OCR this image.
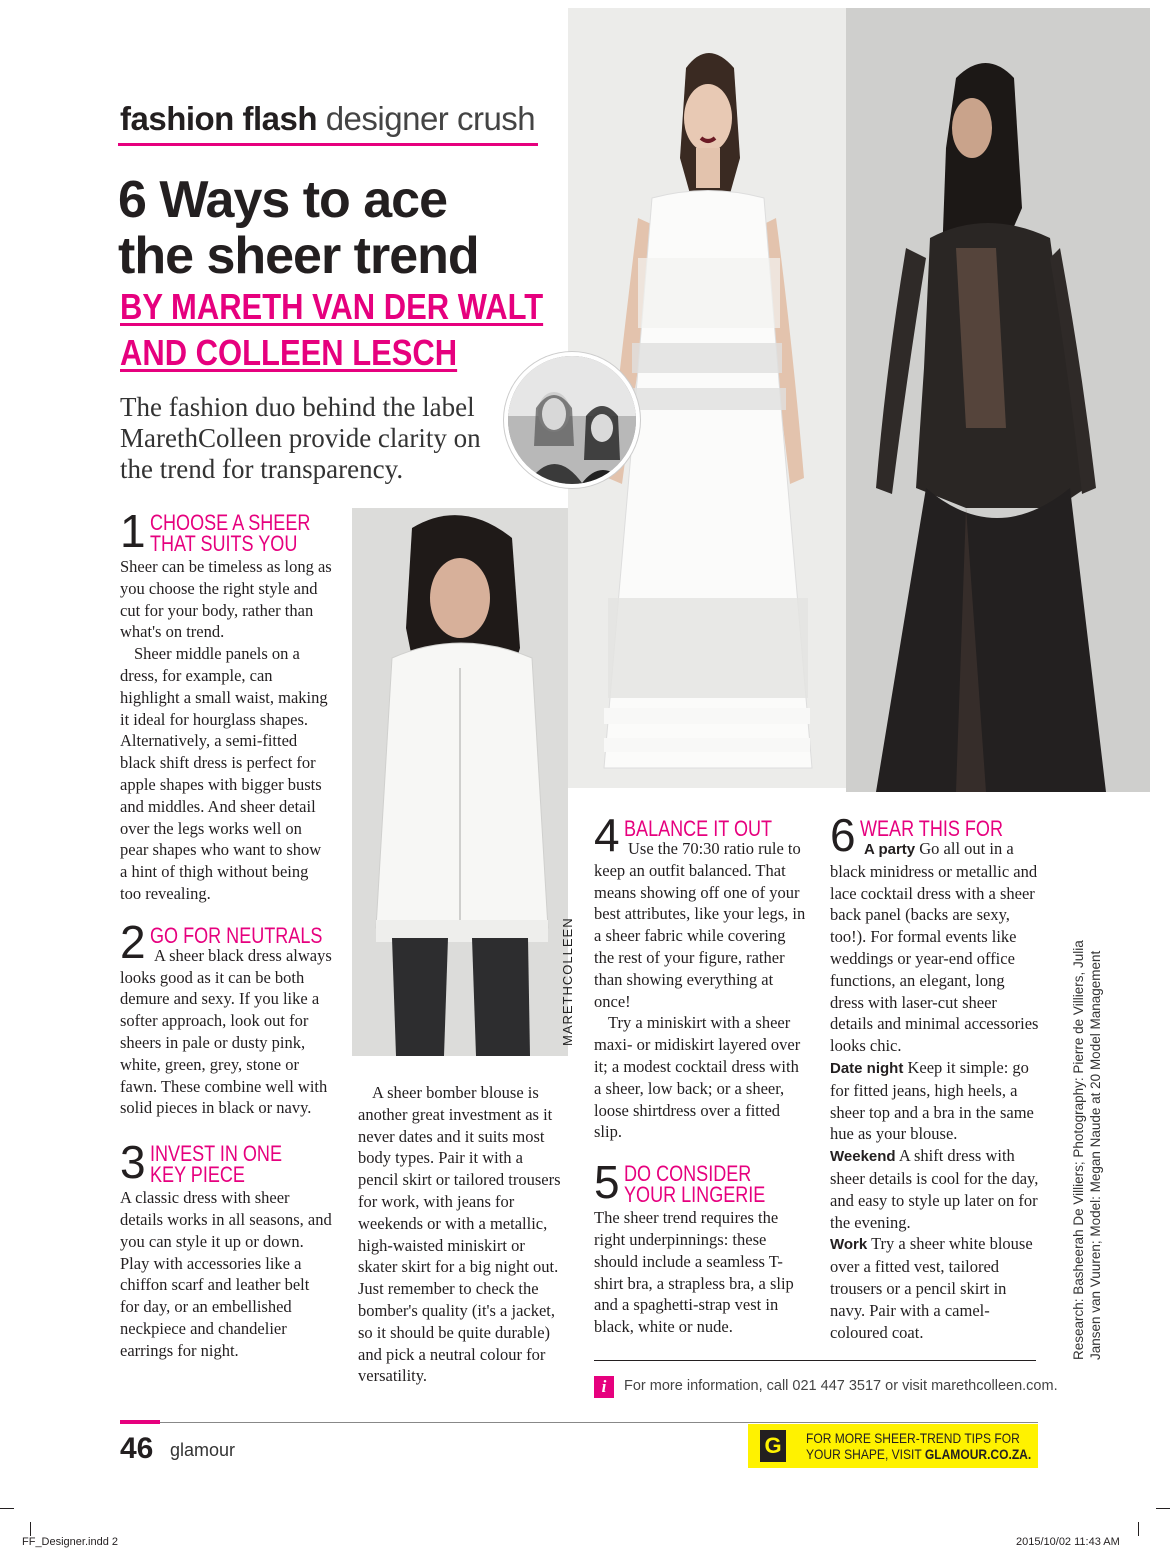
MARETHCOLLEEN
fashion flash designer crush
6 Ways to ace
the sheer trend
BY MARETH VAN DER WALT
AND COLLEEN LESCH
The fashion duo behind the label MarethColleen provide clarity on the trend for transparency.
1 CHOOSE A SHEER
THAT SUITS YOU

Sheer can be timeless as long as you choose the right style and cut for your body, rather than what's on trend.

Sheer middle panels on a dress, for example, can highlight a small waist, making it ideal for hourglass shapes. Alternatively, a semi-fitted black shift dress is perfect for apple shapes with bigger busts and middles. And sheer detail over the legs works well on pear shapes who want to show a hint of thigh without being too revealing.

2 GO FOR NEUTRALS

A sheer black dress always looks good as it can be both demure and sexy. If you like a softer approach, look out for sheers in pale or dusty pink, white, green, grey, stone or fawn. These combine well with solid pieces in black or navy.

3 INVEST IN ONE
KEY PIECE

A classic dress with sheer details works in all seasons, and you can style it up or down. Play with accessories like a chiffon scarf and leather belt for day, or an embellished neckpiece and chandelier earrings for night.

A sheer bomber blouse is another great investment as it never dates and it suits most body types. Pair it with a pencil skirt or tailored trousers for work, with jeans for weekends or with a metallic, high-waisted miniskirt or skater skirt for a big night out. Just remember to check the bomber's quality (it's a jacket, so it should be quite durable) and pick a neutral colour for versatility.

4 BALANCE IT OUT

Use the 70:30 ratio rule to keep an outfit balanced. That means showing off one of your best attributes, like your legs, in a sheer fabric while covering the rest of your figure, rather than showing everything at once!

Try a miniskirt with a sheer maxi- or midiskirt layered over it; a modest cocktail dress with a sheer, low back; or a sheer, loose shirtdress over a fitted slip.

5 DO CONSIDER
YOUR LINGERIE

The sheer trend requires the right underpinnings: these should include a seamless T-shirt bra, a strapless bra, a slip and a spaghetti-strap vest in black, white or nude.

6 WEAR THIS FOR

A party Go all out in a black minidress or metallic and lace cocktail dress with a sheer back panel (backs are sexy, too!). For formal events like weddings or year-end office functions, an elegant, long dress with laser-cut sheer details and minimal accessories looks chic.

Date night Keep it simple: go for fitted jeans, high heels, a sheer top and a bra in the same hue as your blouse.

Weekend A shift dress with sheer details is cool for the day, and easy to style up later on for the evening.

Work Try a sheer white blouse over a fitted vest, tailored trousers or a pencil skirt in navy. Pair with a camel-coloured coat.

i	For more information, call 021 447 3517 or visit marethcolleen.com.
Research: Basheerah De Villiers; Photography: Pierre de Villiers, Julia Jansen van Vuuren; Model: Megan Naude at 20 Model Management
46 glamour	G	FOR MORE SHEER-TREND TIPS FOR
YOUR SHAPE, VISIT GLAMOUR.CO.ZA.
FF_Designer.indd 2	2015/10/02 11:43 AM
